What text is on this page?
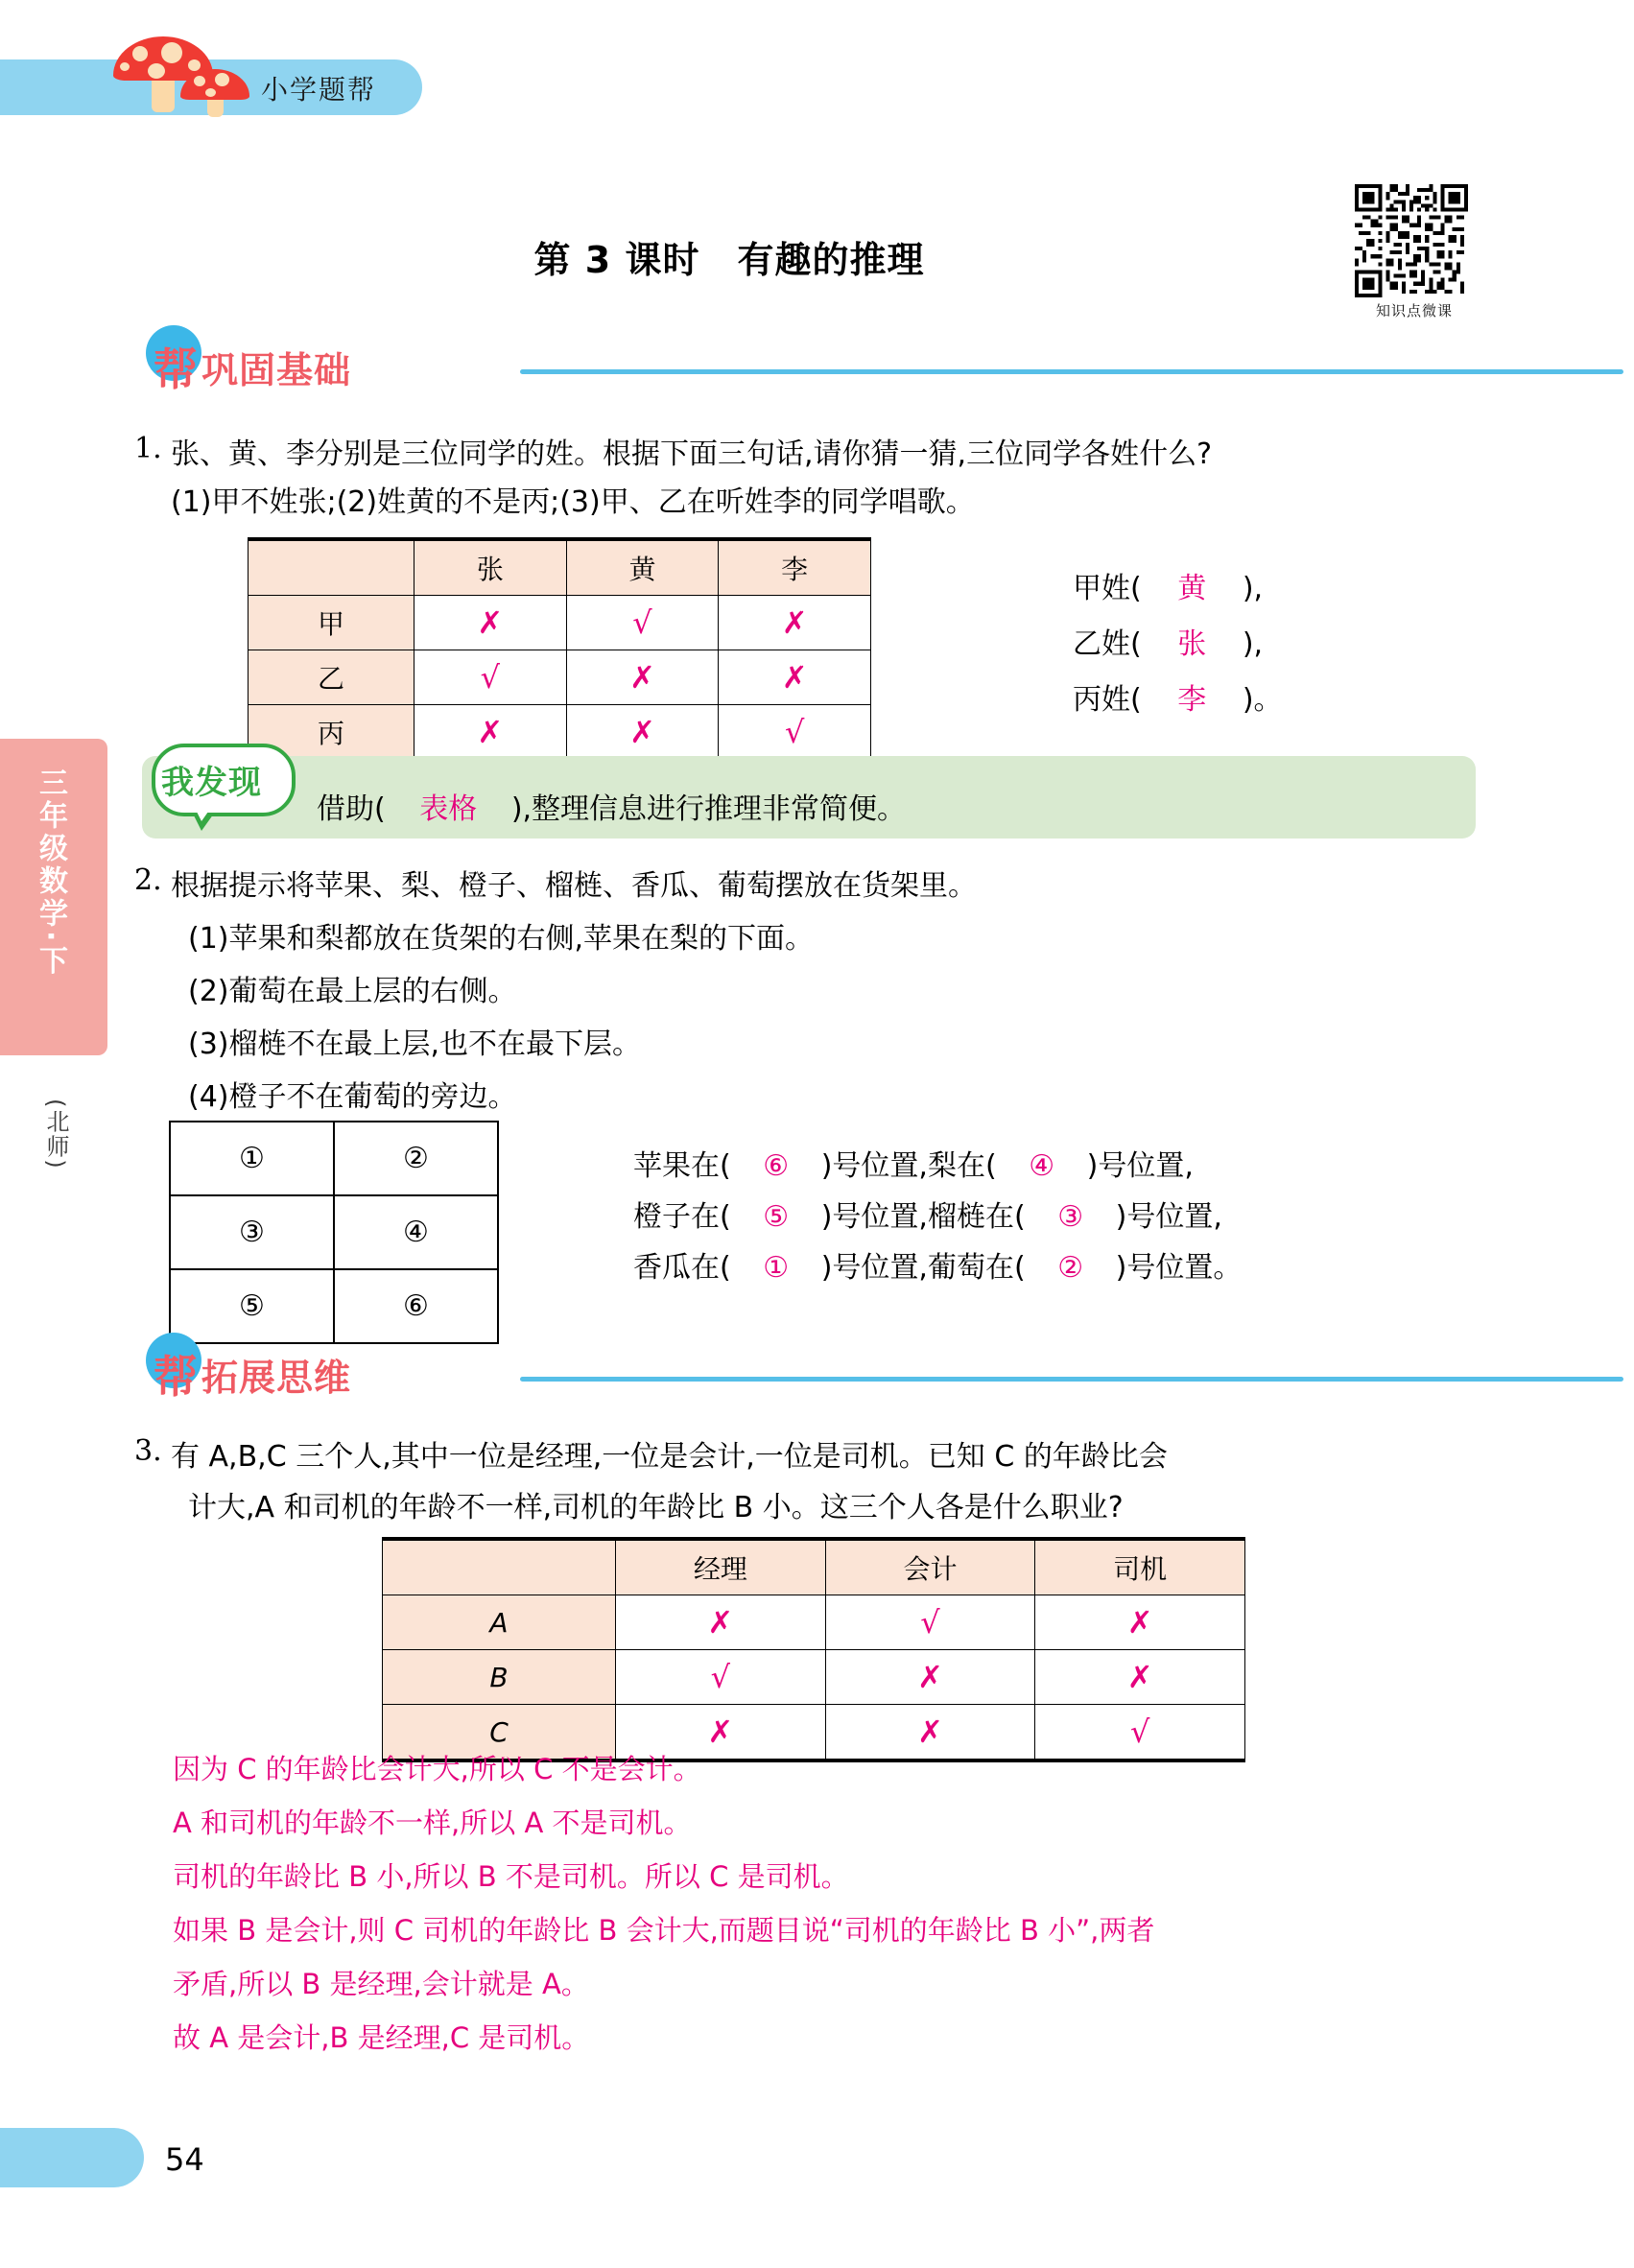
小学题帮
三年级数学·下
(北师)
第 3 课时　有趣的推理
知识点微课
帮 巩固基础
1. 张、黄、李分别是三位同学的姓。根据下面三句话,请你猜一猜,三位同学各姓什么?
(1)甲不姓张;(2)姓黄的不是丙;(3)甲、乙在听姓李的同学唱歌。
	张	黄	李
甲	✗	√	✗
乙	√	✗	✗
丙	✗	✗	√
甲姓( 黄 ),
乙姓( 张 ),
丙姓( 李 )。
我发现
借助( 表格 ),整理信息进行推理非常简便。
2. 根据提示将苹果、梨、橙子、榴梿、香瓜、葡萄摆放在货架里。
(1)苹果和梨都放在货架的右侧,苹果在梨的下面。
(2)葡萄在最上层的右侧。
(3)榴梿不在最上层,也不在最下层。
(4)橙子不在葡萄的旁边。
①	②
③	④
⑤	⑥
苹果在( ⑥ )号位置,梨在( ④ )号位置,
橙子在( ⑤ )号位置,榴梿在( ③ )号位置,
香瓜在( ① )号位置,葡萄在( ② )号位置。
帮 拓展思维
3. 有 A,B,C 三个人,其中一位是经理,一位是会计,一位是司机。已知 C 的年龄比会
计大,A 和司机的年龄不一样,司机的年龄比 B 小。这三个人各是什么职业?
	经理	会计	司机
A	✗	√	✗
B	√	✗	✗
C	✗	✗	√
因为 C 的年龄比会计大,所以 C 不是会计。
A 和司机的年龄不一样,所以 A 不是司机。
司机的年龄比 B 小,所以 B 不是司机。所以 C 是司机。
如果 B 是会计,则 C 司机的年龄比 B 会计大,而题目说“司机的年龄比 B 小”,两者
矛盾,所以 B 是经理,会计就是 A。
故 A 是会计,B 是经理,C 是司机。
54
